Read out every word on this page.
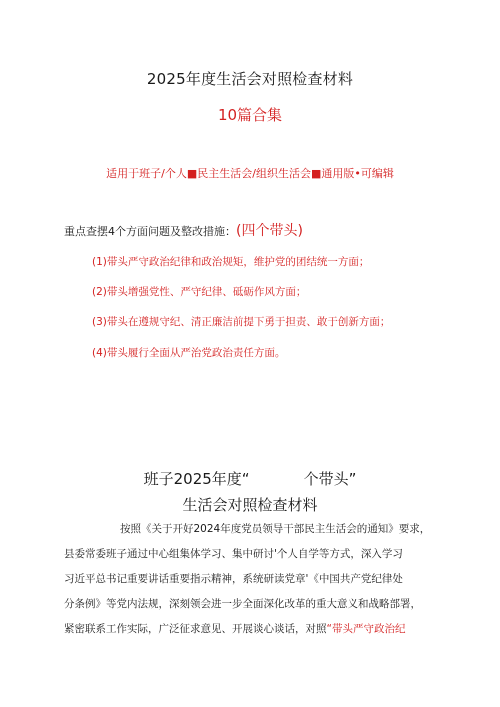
2025年度生活会对照检查材料
10篇合集
适用于班子/个人■民主生活会/组织生活会■通用版•可编辑
重点查摆4个方面问题及整改措施：(四个带头)
(1)带头严守政治纪律和政治规矩，维护党的团结统一方面；
(2)带头增强党性、严守纪律、砥砺作风方面；
(3)带头在遵规守纪、清正廉洁前提下勇于担责、敢于创新方面；
(4)带头履行全面从严治党政治责任方面。
班子2025年度“	个带头”
生活会对照检查材料
按照《关于开好2024年度党员领导干部民主生活会的通知》要求，
县委常委班子通过中心组集体学习、集中研讨'个人自学等方式，深入学习
习近平总书记重要讲话重要指示精神，系统研读党章'《中国共产党纪律处
分条例》等党内法规，深刻领会进一步全面深化改革的重大意义和战略部署，
紧密联系工作实际，广泛征求意见、开展谈心谈话，对照“带头严守政治纪
